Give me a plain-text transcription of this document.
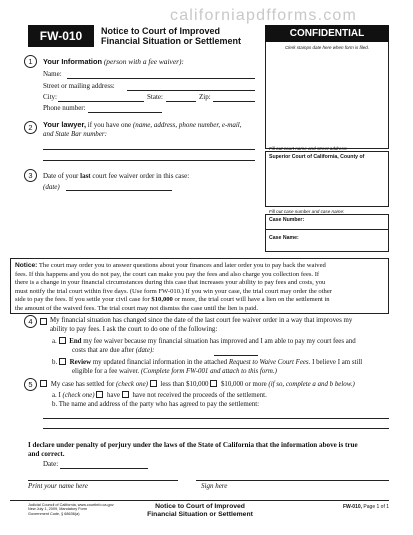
californiapdfforms.com
FW-010	Notice to Court of Improved
Financial Situation or Settlement
CONFIDENTIAL
Clerk stamps date here when form is filed.
Fill out court name and street address:
Superior Court of California, County of
Fill out case number and case name:
Case Number:
Case Name:
1	Your Information (person with a fee waiver):
Name:
Street or mailing address:
City:	State:	Zip:
Phone number:
2	Your lawyer, if you have one (name, address, phone number, e-mail,
and State Bar number:
3	Date of your last court fee waiver order in this case:
(date)

Notice: The court may order you to answer questions about your finances and later order you to pay back the waived

fees. If this happens and you do not pay, the court can make you pay the fees and also charge you collection fees. If

there is a change in your financial circumstances during this case that increases your ability to pay fees and costs, you

must notify the trial court within five days. (Use form FW-010.) If you win your case, the trial court may order the other

side to pay the fees. If you settle your civil case for $10,000 or more, the trial court will have a lien on the settlement in

the amount of the waived fees. The trial court may not dismiss the case until the lien is paid.

4	My financial situation has changed since the date of the last court fee waiver order in a way that improves my

ability to pay fees. I ask the court to do one of the following:

a. End my fee waiver because my financial situation has improved and I am able to pay my court fees and

costs that are due after (date):

b. Review my updated financial information in the attached Request to Waive Court Fees. I believe I am still

eligible for a fee waiver. (Complete form FW-001 and attach to this form.)

5	My case has settled for (check one) less than $10,000 $10,000 or more (if so, complete a and b below.)
a. I (check one) have have not received the proceeds of the settlement.
b. The name and address of the party who has agreed to pay the settlement:

I declare under penalty of perjury under the laws of the State of California that the information above is true

and correct.

Date:
Print your name here	Sign here
Judicial Council of California, www.courtinfo.ca.gov
New July 1, 2009, Mandatory Form
Government Code, § 68636(a)
Notice to Court of Improved
Financial Situation or Settlement
FW-010, Page 1 of 1
